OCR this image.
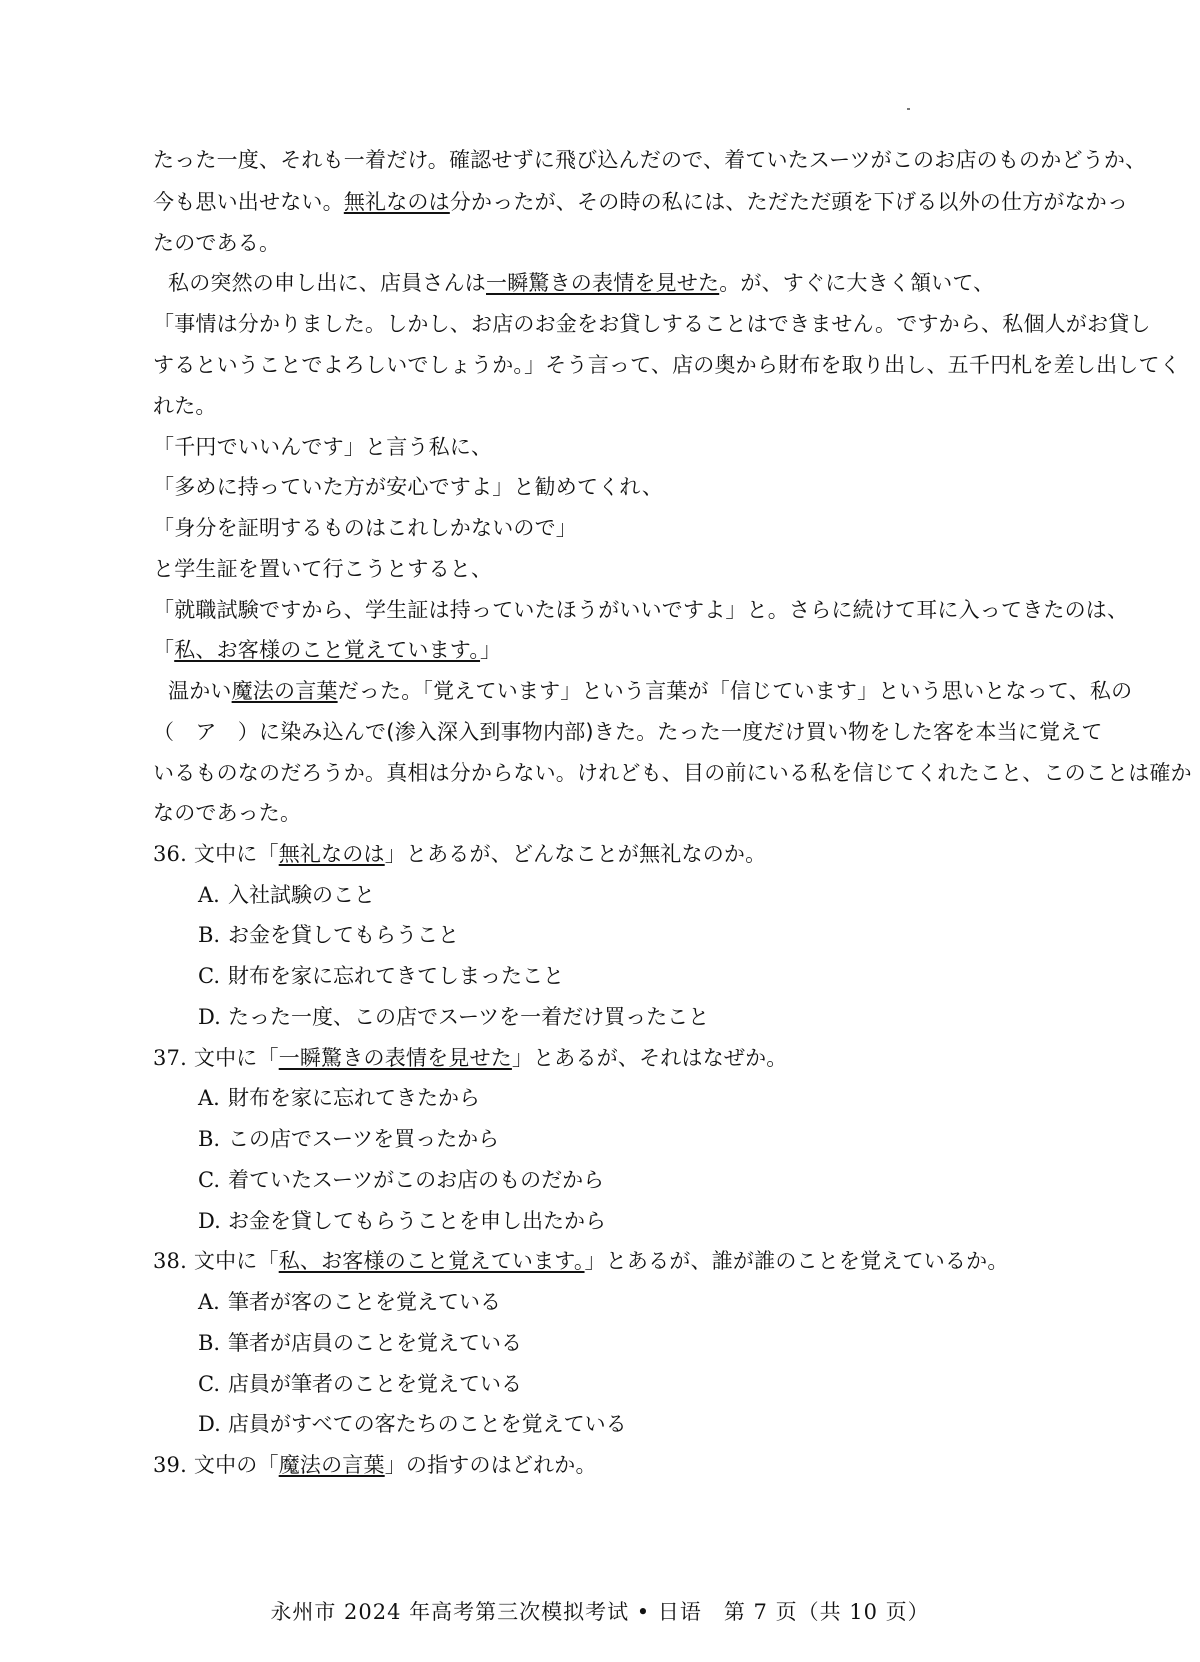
たった一度、それも一着だけ。確認せずに飛び込んだので、着ていたスーツがこのお店のものかどうか、
今も思い出せない。無礼なのは分かったが、その時の私には、ただただ頭を下げる以外の仕方がなかっ
たのである。
私の突然の申し出に、店員さんは一瞬驚きの表情を見せた。が、すぐに大きく頷いて、
「事情は分かりました。しかし、お店のお金をお貸しすることはできません。ですから、私個人がお貸し
するということでよろしいでしょうか。」そう言って、店の奥から財布を取り出し、五千円札を差し出してく
れた。
「千円でいいんです」と言う私に、
「多めに持っていた方が安心ですよ」と勧めてくれ、
「身分を証明するものはこれしかないので」
と学生証を置いて行こうとすると、
「就職試験ですから、学生証は持っていたほうがいいですよ」と。さらに続けて耳に入ってきたのは、
「私、お客様のこと覚えています。」
温かい魔法の言葉だった。「覚えています」という言葉が「信じています」という思いとなって、私の
（　ア　）に染み込んで(渗入深入到事物内部)きた。たった一度だけ買い物をした客を本当に覚えて
いるものなのだろうか。真相は分からない。けれども、目の前にいる私を信じてくれたこと、このことは確か
なのであった。
36. 文中に「無礼なのは」とあるが、どんなことが無礼なのか。
A. 入社試験のこと
B. お金を貸してもらうこと
C. 財布を家に忘れてきてしまったこと
D. たった一度、この店でスーツを一着だけ買ったこと
37. 文中に「一瞬驚きの表情を見せた」とあるが、それはなぜか。
A. 財布を家に忘れてきたから
B. この店でスーツを買ったから
C. 着ていたスーツがこのお店のものだから
D. お金を貸してもらうことを申し出たから
38. 文中に「私、お客様のこと覚えています。」とあるが、誰が誰のことを覚えているか。
A. 筆者が客のことを覚えている
B. 筆者が店員のことを覚えている
C. 店員が筆者のことを覚えている
D. 店員がすべての客たちのことを覚えている
39. 文中の「魔法の言葉」の指すのはどれか。
永州市 2024 年高考第三次模拟考试 • 日语　第 7 页（共 10 页）
